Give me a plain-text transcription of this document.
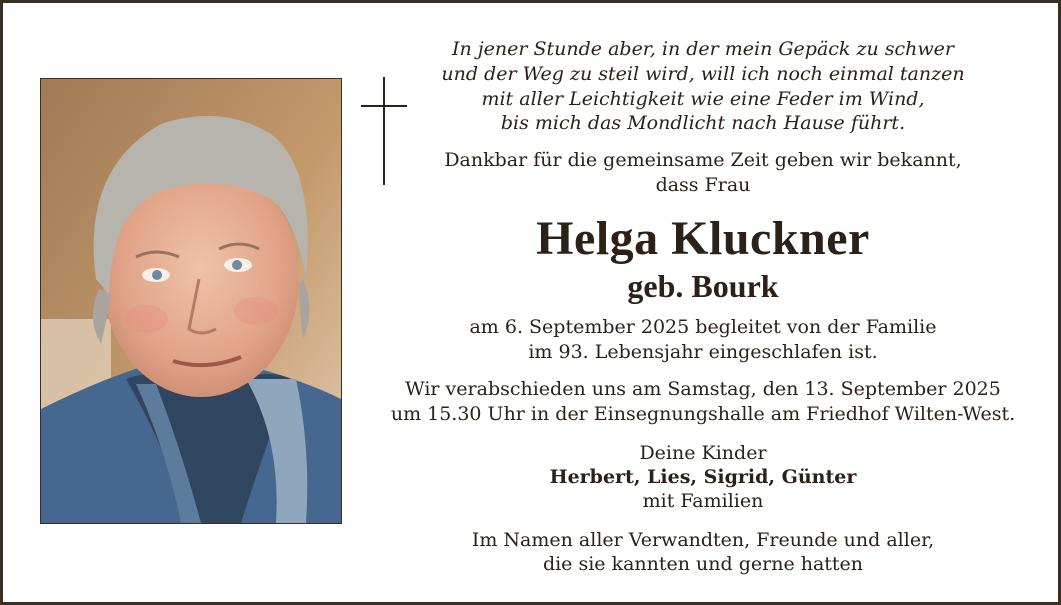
In jener Stunde aber, in der mein Gepäck zu schwer
und der Weg zu steil wird, will ich noch einmal tanzen
mit aller Leichtigkeit wie eine Feder im Wind,
bis mich das Mondlicht nach Hause führt.
Dankbar für die gemeinsame Zeit geben wir bekannt,
dass Frau
Helga Kluckner
geb. Bourk
am 6. September 2025 begleitet von der Familie
im 93. Lebensjahr eingeschlafen ist.
Wir verabschieden uns am Samstag, den 13. September 2025
um 15.30 Uhr in der Einsegnungshalle am Friedhof Wilten-West.
Deine Kinder
Herbert, Lies, Sigrid, Günter
mit Familien
Im Namen aller Verwandten, Freunde und aller,
die sie kannten und gerne hatten
